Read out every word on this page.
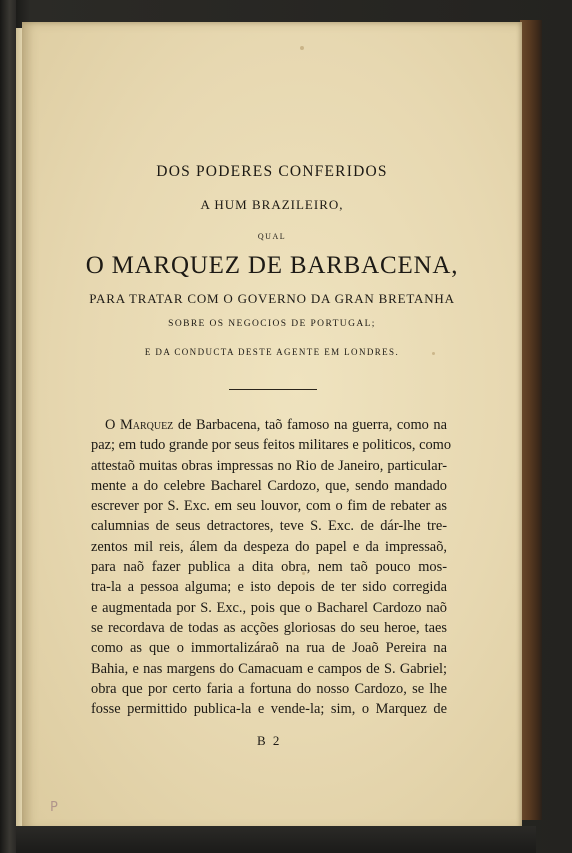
DOS PODERES CONFERIDOS
A HUM BRAZILEIRO,
QUAL
O MARQUEZ DE BARBACENA,
PARA TRATAR COM O GOVERNO DA GRAN BRETANHA
SOBRE OS NEGOCIOS DE PORTUGAL;
E DA CONDUCTA DESTE AGENTE EM LONDRES.
O Marquez de Barbacena, taõ famoso na guerra, como na
paz; em tudo grande por seus feitos militares e politicos, como
attestaõ muitas obras impressas no Rio de Janeiro, particular-
mente a do celebre Bacharel Cardozo, que, sendo mandado
escrever por S. Exc. em seu louvor, com o fim de rebater as
calumnias de seus detractores, teve S. Exc. de dár-lhe tre-
zentos mil reis, álem da despeza do papel e da impressaõ,
para naõ fazer publica a dita obra, nem taõ pouco mos-
tra-la a pessoa alguma; e isto depois de ter sido corregida
e augmentada por S. Exc., pois que o Bacharel Cardozo naõ
se recordava de todas as acções gloriosas do seu heroe, taes
como as que o immortalizáraõ na rua de Joaõ Pereira na
Bahia, e nas margens do Camacuam e campos de S. Gabriel;
obra que por certo faria a fortuna do nosso Cardozo, se lhe
fosse permittido publica-la e vende-la; sim, o Marquez de
B 2
P
